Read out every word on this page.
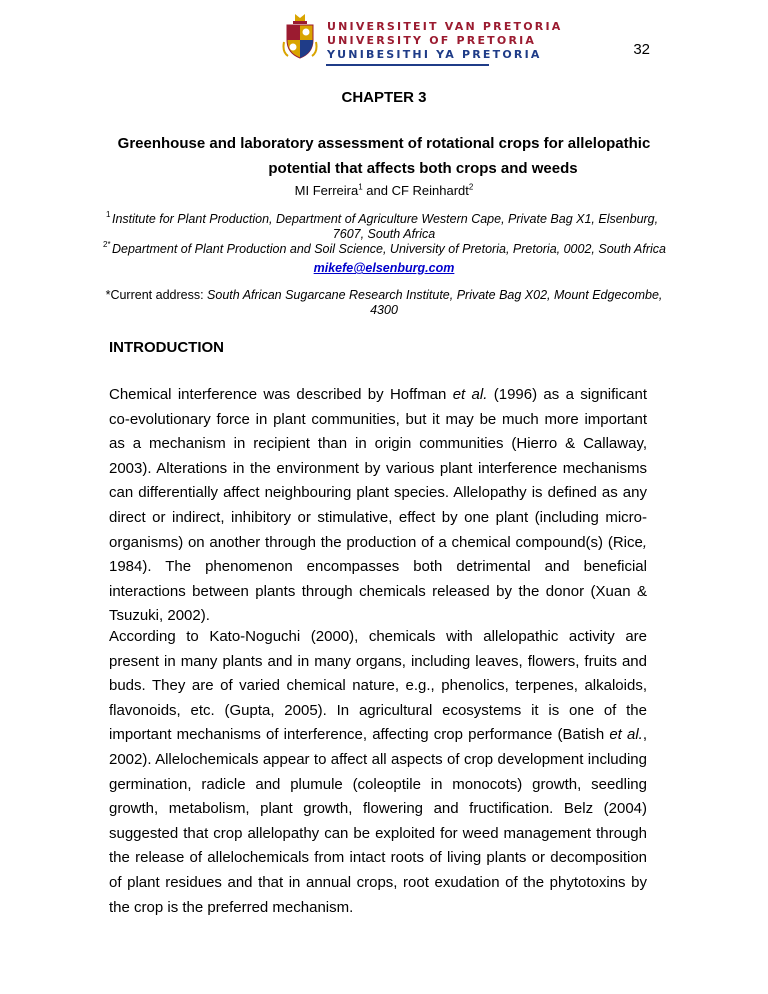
UNIVERSITEIT VAN PRETORIA
UNIVERSITY OF PRETORIA
YUNIBESITHI YA PRETORIA	32
CHAPTER 3
Greenhouse and laboratory assessment of rotational crops for allelopathic
potential that affects both crops and weeds
MI Ferreira$^1$ and CF Reinhardt$^2$
1 Institute for Plant Production, Department of Agriculture Western Cape, Private Bag X1, Elsenburg,
7607, South Africa
2* Department of Plant Production and Soil Science, University of Pretoria, Pretoria, 0002, South Africa
mikefe@elsenburg.com
*Current address: South African Sugarcane Research Institute, Private Bag X02, Mount Edgecombe,
4300
INTRODUCTION
Chemical interference was described by Hoffman et al. (1996) as a significant co-evolutionary force in plant communities, but it may be much more important as a mechanism in recipient than in origin communities (Hierro & Callaway, 2003). Alterations in the environment by various plant interference mechanisms can differentially affect neighbouring plant species. Allelopathy is defined as any direct or indirect, inhibitory or stimulative, effect by one plant (including micro-organisms) on another through the production of a chemical compound(s) (Rice, 1984). The phenomenon encompasses both detrimental and beneficial interactions between plants through chemicals released by the donor (Xuan & Tsuzuki, 2002).
According to Kato-Noguchi (2000), chemicals with allelopathic activity are present in many plants and in many organs, including leaves, flowers, fruits and buds. They are of varied chemical nature, e.g., phenolics, terpenes, alkaloids, flavonoids, etc. (Gupta, 2005). In agricultural ecosystems it is one of the important mechanisms of interference, affecting crop performance (Batish et al., 2002). Allelochemicals appear to affect all aspects of crop development including germination, radicle and plumule (coleoptile in monocots) growth, seedling growth, metabolism, plant growth, flowering and fructification. Belz (2004) suggested that crop allelopathy can be exploited for weed management through the release of allelochemicals from intact roots of living plants or decomposition of plant residues and that in annual crops, root exudation of the phytotoxins by the crop is the preferred mechanism.
